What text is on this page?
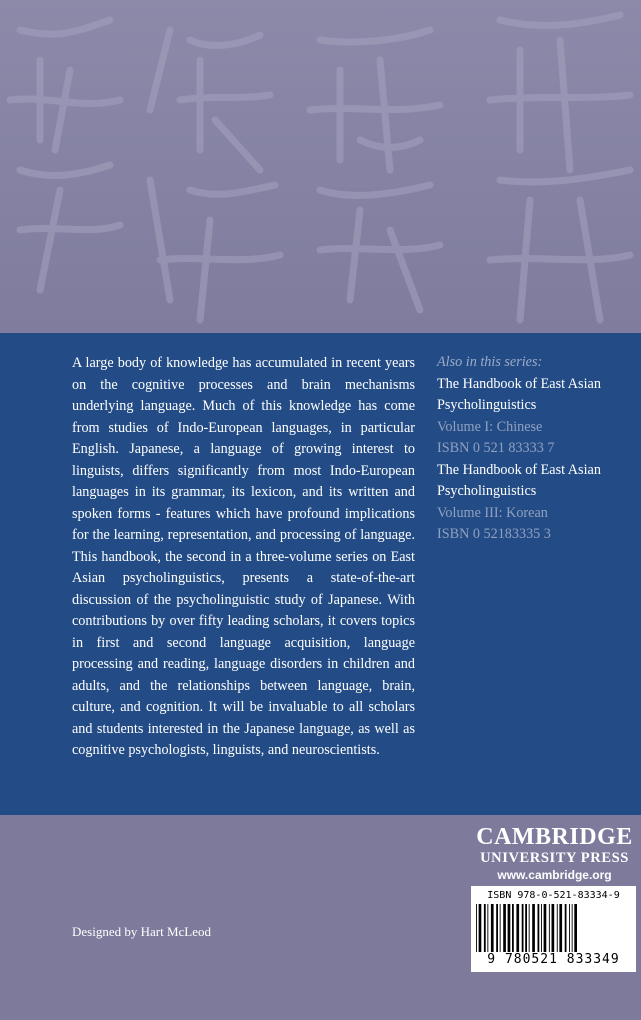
A large body of knowledge has accumulated in recent years on the cognitive processes and brain mechanisms underlying language. Much of this knowledge has come from studies of Indo-European languages, in particular English. Japanese, a language of growing interest to linguists, differs significantly from most Indo-European languages in its grammar, its lexicon, and its written and spoken forms - features which have profound implications for the learning, representation, and processing of language. This handbook, the second in a three-volume series on East Asian psycholinguistics, presents a state-of-the-art discussion of the psycholinguistic study of Japanese. With contributions by over fifty leading scholars, it covers topics in first and second language acquisition, language processing and reading, language disorders in children and adults, and the relationships between language, brain, culture, and cognition. It will be invaluable to all scholars and students interested in the Japanese language, as well as cognitive psychologists, linguists, and neuroscientists.

Also in this series:
The Handbook of East Asian Psycholinguistics
Volume I: Chinese
ISBN 0 521 83333 7
The Handbook of East Asian Psycholinguistics
Volume III: Korean
ISBN 0 52183335 3
CAMBRIDGE
UNIVERSITY PRESS
www.cambridge.org
Designed by Hart McLeod
ISBN 978-0-521-83334-9
9 780521 833349
